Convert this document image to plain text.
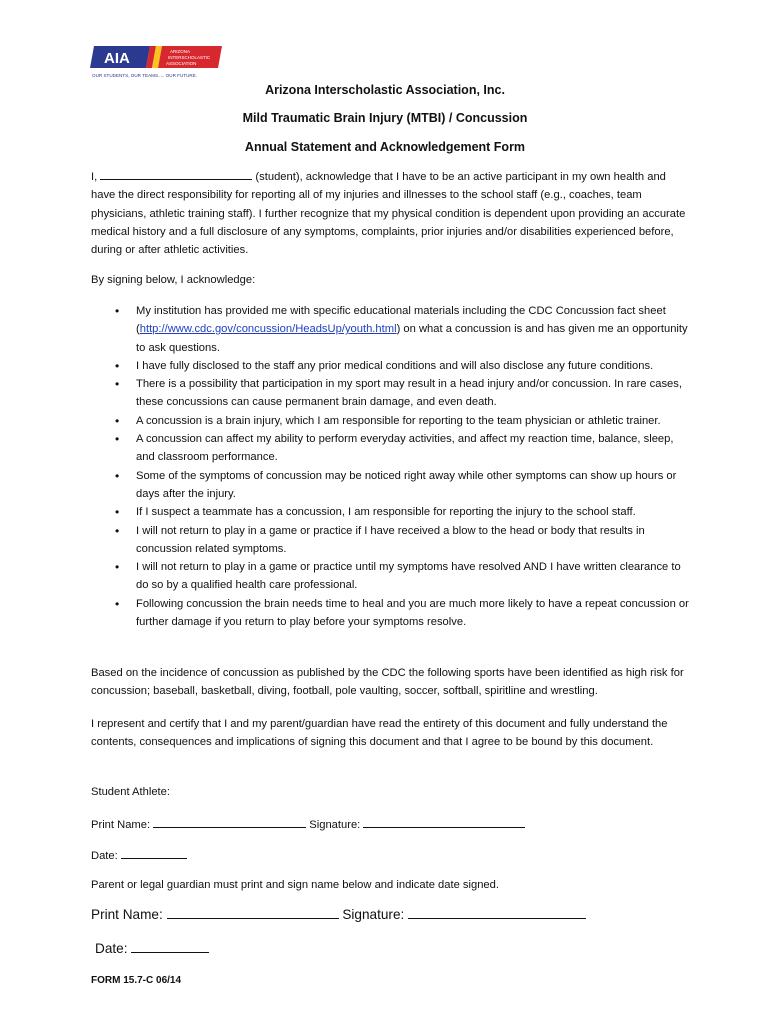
AIA	ARIZONA
INTERSCHOLASTIC
ASSOCIATION
OUR STUDENTS, OUR TEAMS..... OUR FUTURE.
Arizona Interscholastic Association, Inc.
Mild Traumatic Brain Injury (MTBI) / Concussion
Annual Statement and Acknowledgement Form
I,	(student), acknowledge that I have to be an active participant in my own health and have the direct responsibility for reporting all of my injuries and illnesses to the school staff (e.g., coaches, team physicians, athletic training staff). I further recognize that my physical condition is dependent upon providing an accurate medical history and a full disclosure of any symptoms, complaints, prior injuries and/or disabilities experienced before, during or after athletic activities.
By signing below, I acknowledge:
• My institution has provided me with specific educational materials including the CDC Concussion fact sheet (http://www.cdc.gov/concussion/HeadsUp/youth.html) on what a concussion is and has given me an opportunity to ask questions.
• I have fully disclosed to the staff any prior medical conditions and will also disclose any future conditions.
• There is a possibility that participation in my sport may result in a head injury and/or concussion. In rare cases, these concussions can cause permanent brain damage, and even death.
• A concussion is a brain injury, which I am responsible for reporting to the team physician or athletic trainer.
• A concussion can affect my ability to perform everyday activities, and affect my reaction time, balance, sleep, and classroom performance.
• Some of the symptoms of concussion may be noticed right away while other symptoms can show up hours or days after the injury.
• If I suspect a teammate has a concussion, I am responsible for reporting the injury to the school staff.
• I will not return to play in a game or practice if I have received a blow to the head or body that results in concussion related symptoms.
• I will not return to play in a game or practice until my symptoms have resolved AND I have written clearance to do so by a qualified health care professional.
• Following concussion the brain needs time to heal and you are much more likely to have a repeat concussion or further damage if you return to play before your symptoms resolve.
Based on the incidence of concussion as published by the CDC the following sports have been identified as high risk for concussion; baseball, basketball, diving, football, pole vaulting, soccer, softball, spiritline and wrestling.
I represent and certify that I and my parent/guardian have read the entirety of this document and fully understand the contents, consequences and implications of signing this document and that I agree to be bound by this document.
Student Athlete:
Print Name:	Signature:
Date:
Parent or legal guardian must print and sign name below and indicate date signed.
Print Name:	Signature:
Date:
FORM 15.7-C 06/14
